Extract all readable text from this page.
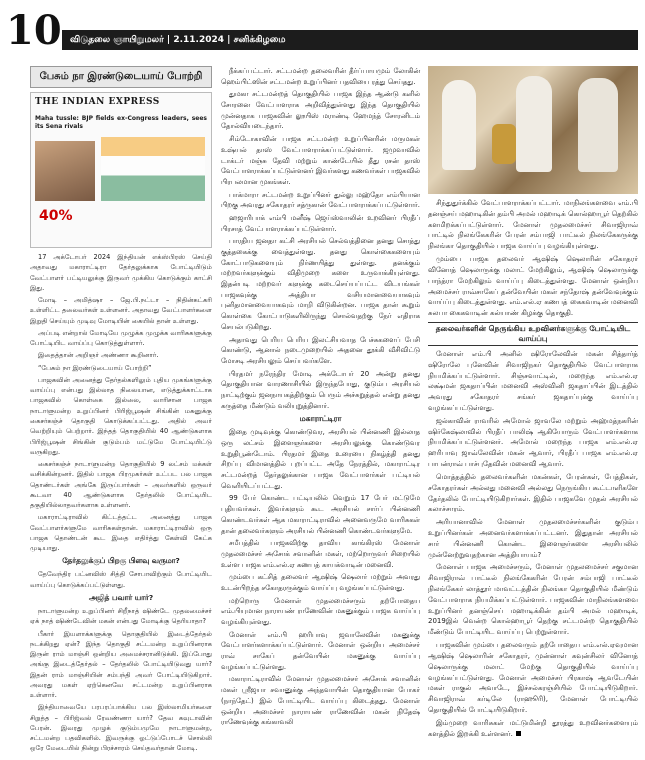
10 விடுதலை ஞாயிறுமலர் | 2.11.2024 | சனிக்கிழமை
பேசும் நா இரண்டுடையாய் போற்றி
THE INDIAN EXPRESS
Maha tussle: BJP fields ex-Congress leaders, sees its Sena rivals
40%

17 அக்டோபர் 2024 இந்தியன் எக்ஸ்பிரஸ் செய்தி அதாவது மகாராட்டிரா தேர்தலுக்காக போட்டியிடும் வேட்பாளர் பட்டியலுக்கு இருவர் முக்கிய கொடுக்கும் காட்சி இது.

மோடி – அமித்ஷா – ஜே.பி.நட்டா – நிதின்கட்கரி உள்ளிட்ட தலைவர்கள் உள்ளனர். அதாவது வேட்பாளர்களை இறுதி செய்யும் முடிவு மோடியின் கையில் தான் உள்ளது.

அப்படி என்றால் மோடியே முழுக்க முழுக்க வாரிசுகளுக்கு போட்டியிட வாய்ப்பு கொடுத்துள்ளார்.

இதைத்தான் அறிஞர் அண்ணா கூறினார்.

“பேசும் நா இரண்டுடையாய் போற்றி”

பாஜகவின் அனைத்து தேர்தல்களிலும் புதிய முகங்களுக்கு வாய்ப்பு என்பது இல்லாத நிலையான, எடுத்துக்காட்டாக பாஜகவில் கொள்கை இல்லை, வாரிசான பாஜக நாடாளுமன்ற உறுப்பினர் பிரிஜ்பூஷன் சிங்கின் மகனுக்கு கைசர்கஞ்ச் தொகுதி கொடுக்கப்பட்டது. அதில் அவர் வெற்றியும் பெற்றார். இந்தத் தொகுதியில் 40 ஆண்டுகளாக பிரிஜ்பூஷன் சிங்கின் குடும்பம் மட்டுமே போட்டியிட்டு வருகிறது.

கைசர்கஞ்ச் நாடாளுமன்ற தொகுதியில் 9 லட்சம் மக்கள் வசிக்கின்றனர். இதில் பாஜக பிரமுகர்கள் உட்பட பல பாஜக தொண்டர்கள் அங்கே இருப்பார்கள் – அவர்களில் ஒருவர் கூடவா 40 ஆண்டுகளாக தேர்தலில் போட்டியிட தகுதியில்லாதவர்களாக உள்ளனர்.

மகாராட்டிராவில் கிட்டத்தட்ட அனைத்து பாஜக வேட்பாளர்களுமே வாரிசுகள்தான். மகாராட்டிராவில் ஒரு பாஜக தொண்டன் கூட இதை எதிர்த்து கேள்வி கேட்க முடியாது.

தேர்தலுக்குப் பிறகு பிளவு வருமா?

தேவேந்திர பட்னவிஸ் சித்தி சோபாவிற்கும் போட்டியிட வாய்ப்பு கொடுக்கப்பட்டுள்ளது.

அஜித் பவார் யார்?

நாடாளுமன்ற உறுப்பினர் சிறீநாத் ஷிண்டே முதலமைச்சர் ஏக் நாத் ஷிண்டேவின் மகன் என்பது மோடிக்கு தெரியாதா?

பீகார் இயளாக்களுக்கு தொகுதியில் இடைத்தேர்தல் நடக்கிறது ஏன்? இந்த தொகுதி சட்டமன்ற உறுப்பினராக இருன் ராம் மாஞ்சி ஒன்றிய அமைச்சரானிடுக்கி. இப்போது அங்கு இடைத்தேர்தல் – தேர்தலில் போட்டியிடுவது யார்? இதன் ராம் மாஞ்சியின் சம்பந்தி அவர் போட்டியிடுகிறார். அவரது மகள் ஏற்கெனவே சட்டமன்ற உறுப்பினராக உள்ளார்.

இந்தியாவையே பரபரப்பாக்கிய பல இஸ்லாமியர்களை சிறுத்த – பிரிஜ்வல் ரேவண்ணா யார்? தேவ கவுடாவின் பேரன். இவரது முழுக் குடும்பமுமே நாடாளுமன்ற, சட்டமன்ற பதவிகளில். இவருக்கு ஓட்டுப்போடச் சொல்லி ஒரே மேடையில் நின்று பிரச்சாரம் செய்தவர்தான் மோடி.

நீக்கப்பட்டார். சட்டமன்ற தலைவரின் தீர்ப்பாயமும் லோகின் ஹெம்பிட்ஸின் சட்டமன்ற உறுப்பினர் பதவியை ரத்து செய்தது.

துமகா சட்டமன்றத் தொகுதியில் பாஜக இந்த ஆண்டு களில் சோரனை வேட்பாளராக அறிவித்துள்ளது இந்த தொகுதியில் முன்னதாக பாஜகவின் லூயிஸ் மராண்டி ஹேமந்த் சோரனிடம் தோல்வியடைந்தார்.

சிம்டோகாவின் பாஜக சட்டமன்ற உறுப்பினரின் மருமகள் உஷ்யல் தாஸ் வேட்பாளராக்கப்பட்டுள்ளார். ஜமுவாவில் டாக்டர் மஞ்சு தேவி மற்றும் காண்டேயில் தீது ரசன் தாஸ் வேட்பாளராக்கப்பட்டுள்ளனர் இவர்களது கணவர்கள் பாஜகவில் பிரபலமான முகங்கள்.

பாக்மாரா சட்டமன்ற உறுப்பினர் துல்லு மஹ்தோ எம்பியான பிறகு அவரது சகோதரர் சத்ருகான் வேட்பாளராக்கப்பட்டுள்ளார்.

ஹஜாரிபாக் எம்பி மனீஷ் ஜெய்ஸ்வாலின் உறவினர் பிரதீப் பிரசாத் வேட்பாளராக்கப்பட்டுள்ளார்.

பாரதிய ஜனதா கட்சி அரசியல் செல்வத்தினை தனது சொத்து குத்தகைக்கு வைத்துள்ளது. தனது கொள்கைகளையும் கோட்பாடுகளையும் நிர்ணயித்து துள்ளது. தனக்கும் மற்றவர்களுக்கும் விதிமுறை களை உருவாக்கியுள்ளது. இதன்படி மற்றவர் களுக்கு கடைசெய்யப்பட்ட விடயங்கள் பாஜகவுக்கு அத்தியா வசியமானவையாகவும் புனிதமானவையாகவும் மாறி விடுகின்றன. பாஜக தான் கூறும் கொள்கை கோட்பாடுகளிலிருந்து சொல்வதற்கு நேர் எதிராக செயல்படுகிறது.

அதாவது பெரிய பெரிய இலட்சியவாத பேச்சுகளைப் பேசி கொண்டு, ஆனால் நடைமுறையில் அதனை தூக்கி வீசிவிட்டு மோசடி அரசியலும் செய்பவர்களே.

பிரதமர் நரேந்திர மோடி அக்டோபர் 20 அன்று தனது தொகுதியான வாரணாசியில் இருந்தபோது, குடும்ப அரசியல் நாட்டிற்கும் ஜனநாயகத்திற்கும் பெரும் அச்சுறுத்தல் என்று தனது கருத்தை மீண்டும் வலியுறுத்தினார்.

மகாராட்டிரா

இதை முடிவுக்கு கொண்டுவர, அரசியல் பின்னணி இல்லாத ஒரு லட்சம் இளைஞர்களை அரசியலுக்கு கொண்டுவர உறுதிபூண்டோம். பிரதமர் இதை உரையை நிகழ்த்தி தனது சிறப்பு விமானத்தில் புறப்பட்ட அதே நேரத்தில், மகாராட்டிர சட்டமன்றத் தேர்தலுக்கான பாஜக வேட்பாளர்கள் பட்டியல் வெளியிடப்பட்டது.

99 பேர் கொண்ட பட்டியலில் வெறும் 17 பேர் மட்டுமே புதியவர்கள். இவர்களும் கூட அரசியல் சார்ப் பின்னணி கொண்டவர்கள் ஆக மகாராட்டிராவில் அனைவருமே வாரிசுகள் தான் தலைவர்களும் அரசியல் பின்னணி கொண்டவர்களுமே.

சமீபத்தில் பாஜகவிற்கு தாவிய காங்கிரஸ் மேனாள் முதலமைச்சர் அசோக் சவானின் மகள், மற்றொருவர் சிறையில் உள்ள பாஜக எம்.எல்.ஏ கணபத் காயக்வாடின் மனைவி.

மும்பை கட்சித் தலைவர் ஆஷிஷ் ஷெலார் மற்றும் அவரது உடன்பிறந்த சகோதரருக்கும் வாய்ப்பு வழங்கப்பட்டுள்ளது.

மற்றொரு மேனாள் முதலமைச்சரும் தற்போதைய எம்.பியுமான நாராயண் ராணேவின் மகனுக்கும் பாஜக வாய்ப்பு வழங்கியுள்ளது.

மேனாள் எம்.பி ஹரிபாவு ஜவாலேவின் மகனுக்கு வேட்பாளர்களாக்கப்பட்டுள்ளார். மேனாள் ஒன்றிய அமைச்சர் ராவ் சாகேப் தன்வேயின் மகனுக்கு வாய்ப்பு வழங்கப்பட்டுள்ளது.

மகாராட்டிராவில் மேனாள் முதலமைச்சர் அசோக் சவானின் மகள் ஸ்ரீஜயா சவானுக்கு அந்தவாயின் தொகுதியான போகர் (நாந்தேட்) இல் போட்டியிட வாய்ப்பு கிடைத்தது. மேனாள் ஒன்றிய அமைச்சர் நாராயண் ராணேவின் மகன் நிதேஷ் ராணேவுக்கு கங்காவலி

சிந்துதுர்க்கில் வேட்பாளராக்கப்பட்டார். மாநிலங்களவை எம்.பி தனஞ்சய் மஹாடிகின் தம்பி அமல் மஹாடிக் கொல்ஹாபூர் தெற்கில் களமிறக்கப்பட்டுள்ளார். மேனாள் முதலமைச்சர் சிவாஜிராவ் பாட்டில் நிலங்கேகரின் பேரன் சம்பாஜி பாட்டீல் நிலங்கேகருக்கு நிலங்கா தொகுதியில் பாஜக வாய்ப்பு வழங்கியுள்ளது.

மும்பை பாஜக தலைவர் ஆஷிஷ் ஷெலாரின் சகோதரர் வினோத் ஷெலாருக்கு மலாட் மேற்கிலும், ஆஷிஷ் ஷெலாருக்கு பாந்த்ரா மேற்கிலும் வாய்ப்பு கிடைத்துள்ளது. மேனாள் ஒன்றிய அமைச்சர் ராவ்சாகேப் தன்வேயின் மகள் சந்தோஷ் தன்வேவுக்கும் வாய்ப்பு கிடைத்துள்ளது. எம்.எல்.ஏ கணபத் கைகவாடின் மனைவி சுலபா கைகவாடின் கல்யாண் கிழக்கு தொகுதி.

தலைவர்களின் நெருங்கிய உறவினர்களுக்கு போட்டியிட வாய்ப்பு

மேனாள் எம்.பி அனில் ஷிரோலேவின் மகன் சித்தார்த் ஷிரோலே புனேவின் சிவாஜிநகர் தொகுதியில் வேட்பாளராக நியமிக்கப்பட்டுள்ளார். சிஞ்சவாட்டில், மறைந்த எம்.எல்.ஏ லக்ஷ்மன் ஜகதாப்பின் மனைவி அஸ்வினி ஜகதாப்பின் இடத்தில் அவரது சகோதரர் சங்கர் ஜகதாப்புக்கு வாய்ப்பு வழங்கப்பட்டுள்ளது.

ஜல்காவின் ராவரில் அமோல் ஜாவலே மற்றும் அஹ்மத்நகரின் ஷிர்கேஷ்லாவில் பிரதீப் பாலிஷ் ஆகியோரும் வேட்பாளர்களாக நியமிக்கப்பட்டுள்ளனர். அமோல் மறைந்த பாஜக எம்.எல்.ஏ ஹரிபாவு ஜாவ்லேவின் மகன் ஆவார், பிரதீப் பாஜக எம்.எல்.ஏ பாபன்ராவ் பாச்புதேவின் மனைவி ஆவார்.

மொத்தத்தில் தலைவர்களின் மகன்கள், பேரன்கள், பேத்திகள், சகோதரர்கள் அல்லது மனைவி அல்லது நெருங்கிய கூட்டாளிகளே தேர்தலில் போட்டியிடுகிறார்கள். இதில் பாஜகவே முதல் அரசியல் கலாச்சாரம்.

அரியானாவில் மேனாள் முதலமைச்சர்களின் குடும்ப உறுப்பினர்கள் அனைவர்களாக்கப்பட்டனர். இதுதான் அரசியல் சார் பின்னணி கொண்ட இளைஞர்களை அரசியலில் முன்னேற்றுவதற்கான அத்தியாயம்?

மேனாள் பாஜக அமைச்சரும், மேனாள் முதலமைச்சர் சகுமான சிவாஜிராவ் பாட்டீல் நிலங்கேகரின் பேரன் சம்பாஜி பாட்டீல் நிலங்கேகர் லாத்தூர் மாவட்டத்தின் நிலங்கா தொகுதியில் மீண்டும் வேட்பாளராக நியமிக்கப்பட்டுள்ளார். பாஜகவின் மாநிலங்களவை உறுப்பினர் தனஞ்செய் மஹாடிக்கின் தம்பி அமல் மஹாடிக், 2019இல் வென்ற கொல்ஹாபூர் தெற்கு சட்டமன்ற தொகுதியில் மீண்டும் போட்டியிட வாய்ப்பு பெற்றுள்ளார்.

பாஜகவின் மும்பை தலைவரும் தற்போதைய எம்.எல்.ஏவுமான ஆஷிஷ் ஷெலாரின் சகோதரர், முன்னாள் கவுன்சிலர் வினோத் ஷெலாருக்கு மலாட் மேற்கு தொகுதியில் வாய்ப்பு வழங்கப்பட்டுள்ளது. மேனாள் அமைச்சர் பிரகாஷ் ஆவடேயின் மகள் ராகுல் அவாடே, இச்சல்கரஞ்சியில் போட்டியிடுகிறார். சிவாஜிராவ் கர்டிலே (ராஹூரி), மேனாள் போட்டியில் தொகுதியில் போட்டியிடுகிறார்.

இம்முறை வாரிசுகள் மட்டுமின்றி தூரத்து உறவினர்களையும் களத்தில் இறக்கி உள்ளனர்.
